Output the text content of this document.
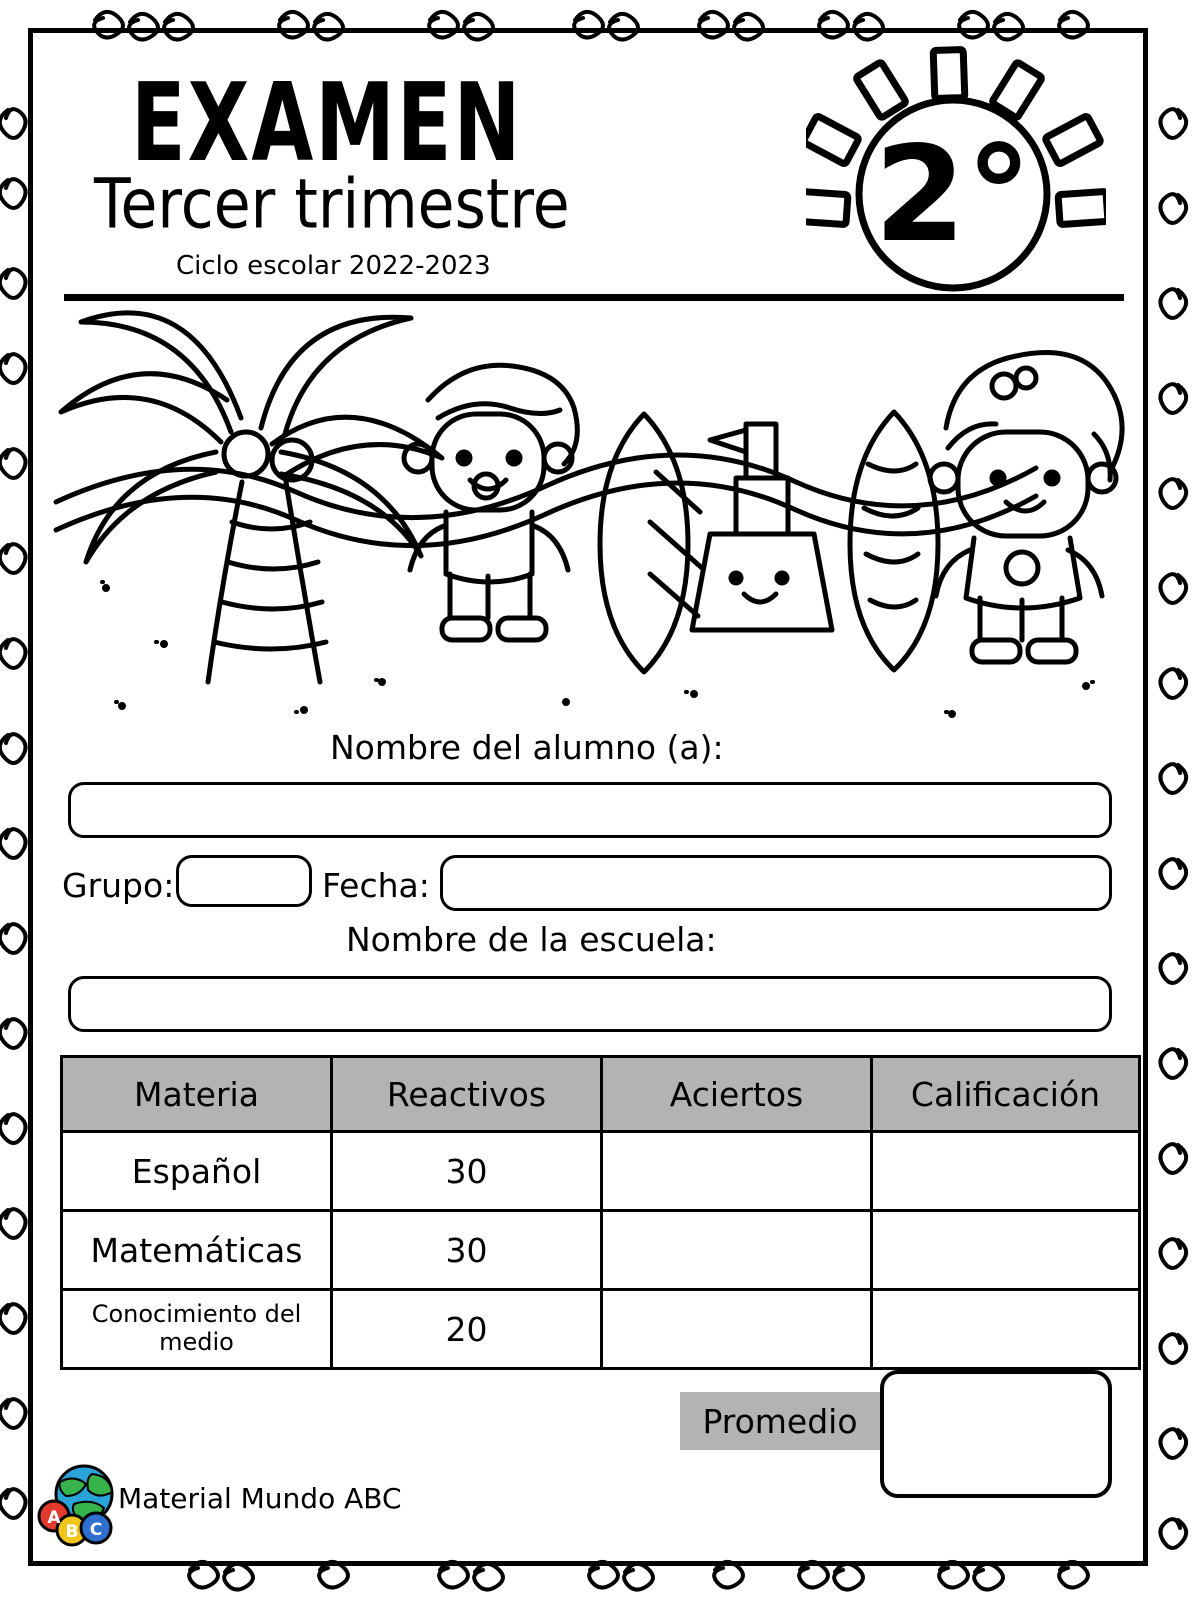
EXAMEN
Tercer trimestre
Ciclo escolar 2022-2023	2°
Nombre del alumno (a):
Grupo:	Fecha:
Nombre de la escuela:
Materia	Reactivos	Aciertos	Calificación
Español	30		
Matemáticas	30		
Conocimiento del medio	20		
Promedio
A
B C
Material Mundo ABC
